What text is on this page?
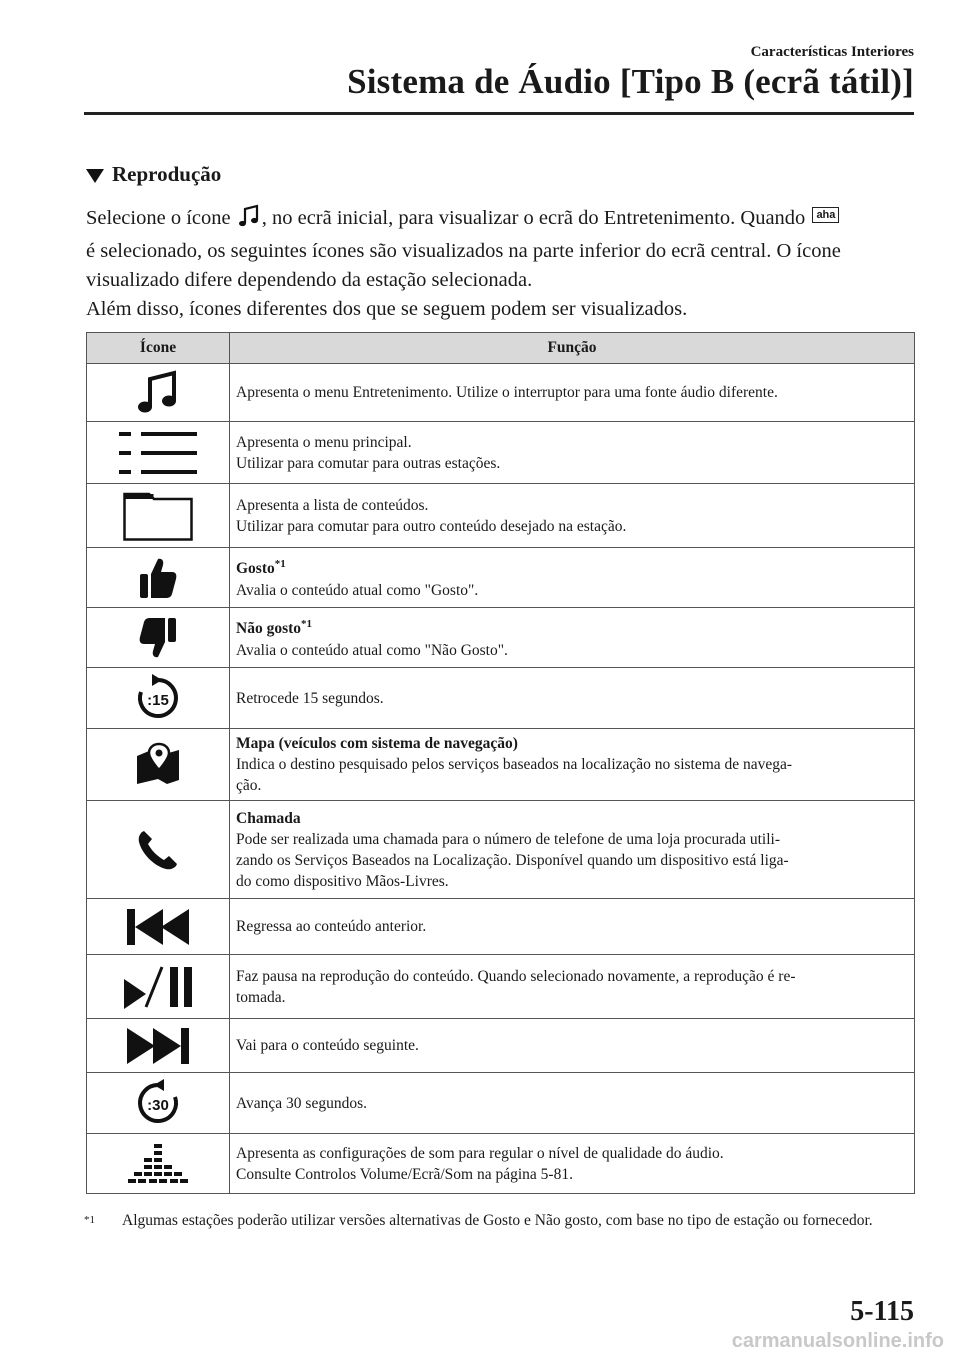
Características Interiores
Sistema de Áudio [Tipo B (ecrã tátil)]
Reprodução

Selecione o ícone , no ecrã inicial, para visualizar o ecrã do Entretenimento. Quando aha
é selecionado, os seguintes ícones são visualizados na parte inferior do ecrã central. O ícone visualizado difere dependendo da estação selecionada.

Além disso, ícones diferentes dos que se seguem podem ser visualizados.

Ícone	Função

Apresenta o menu Entretenimento. Utilize o interruptor para uma fonte áudio diferente.

Apresenta o menu principal.
Utilizar para comutar para outras estações.

Apresenta a lista de conteúdos.
Utilizar para comutar para outro conteúdo desejado na estação.

Gosto$^{*1}$
Avalia o conteúdo atual como "Gosto".

Não gosto$^{*1}$
Avalia o conteúdo atual como "Não Gosto".

:15	Retrocede 15 segundos.

Mapa (veículos com sistema de navegação)
Indica o destino pesquisado pelos serviços baseados na localização no sistema de navega-
ção.

Chamada
Pode ser realizada uma chamada para o número de telefone de uma loja procurada utili-
zando os Serviços Baseados na Localização. Disponível quando um dispositivo está liga-
do como dispositivo Mãos-Livres.

Regressa ao conteúdo anterior.

Faz pausa na reprodução do conteúdo. Quando selecionado novamente, a reprodução é re-
tomada.

Vai para o conteúdo seguinte.

:30	Avança 30 segundos.

Apresenta as configurações de som para regular o nível de qualidade do áudio.
Consulte Controlos Volume/Ecrã/Som na página 5-81.
$^{*1}$	Algumas estações poderão utilizar versões alternativas de Gosto e Não gosto, com base no tipo de estação ou fornecedor.
5-115
carmanualsonline.info
